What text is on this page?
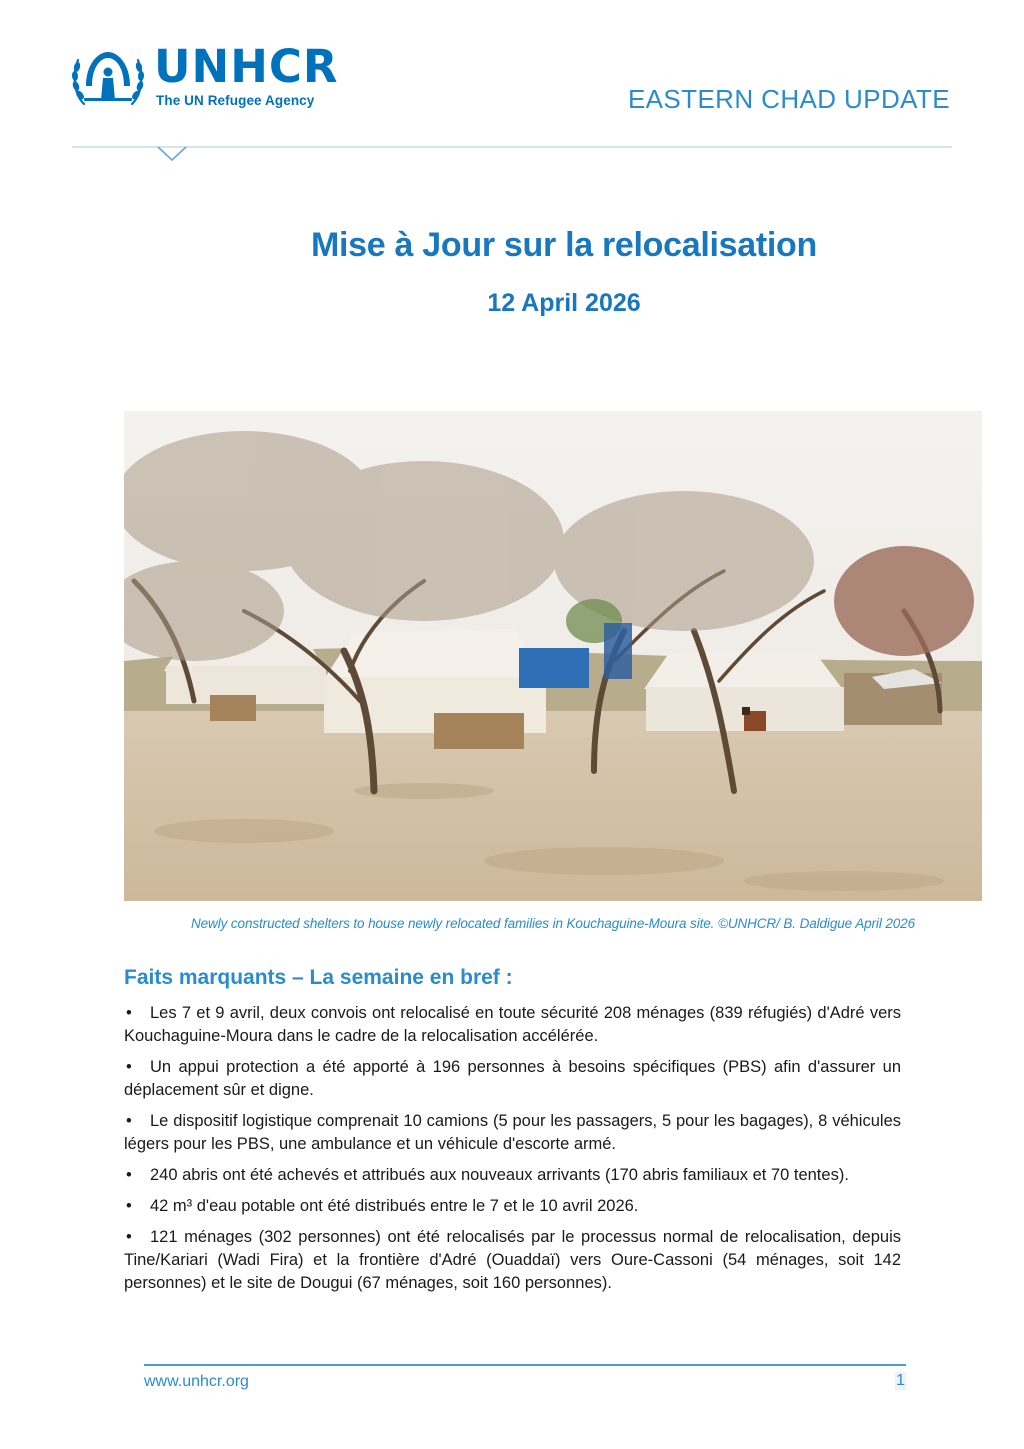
UNHCR

The UN Refugee Agency	EASTERN CHAD UPDATE
Mise à Jour sur la relocalisation

12 April 2026

Newly constructed shelters to house newly relocated families in Kouchaguine-Moura site. ©UNHCR/ B. Daldigue April 2026

Faits marquants – La semaine en bref :
• Les 7 et 9 avril, deux convois ont relocalisé en toute sécurité 208 ménages (839 réfugiés) d'Adré vers Kouchaguine-Moura dans le cadre de la relocalisation accélérée.
• Un appui protection a été apporté à 196 personnes à besoins spécifiques (PBS) afin d'assurer un déplacement sûr et digne.
• Le dispositif logistique comprenait 10 camions (5 pour les passagers, 5 pour les bagages), 8 véhicules légers pour les PBS, une ambulance et un véhicule d'escorte armé.
• 240 abris ont été achevés et attribués aux nouveaux arrivants (170 abris familiaux et 70 tentes).
• 42 m³ d'eau potable ont été distribués entre le 7 et le 10 avril 2026.
• 121 ménages (302 personnes) ont été relocalisés par le processus normal de relocalisation, depuis Tine/Kariari (Wadi Fira) et la frontière d'Adré (Ouaddaï) vers Oure-Cassoni (54 ménages, soit 142 personnes) et le site de Dougui (67 ménages, soit 160 personnes).
www.unhcr.org	1
